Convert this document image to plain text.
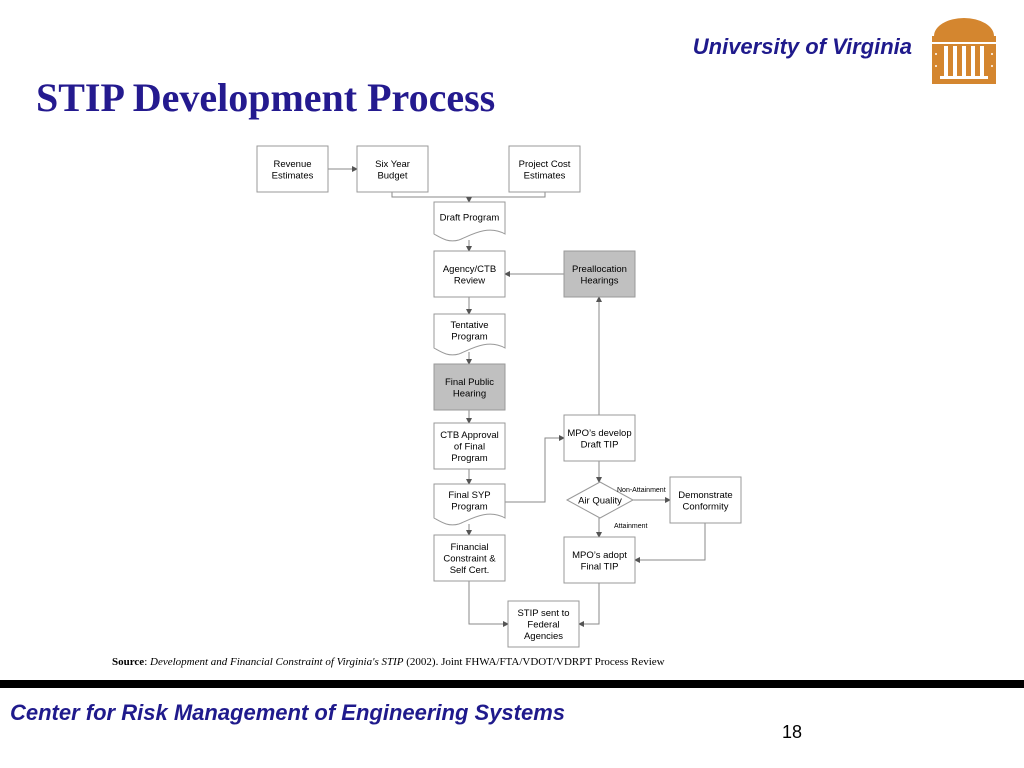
University of Virginia
STIP Development Process
Revenue
Estimates
Six Year
Budget
Project Cost
Estimates
Draft Program
Agency/CTB
Review
Preallocation
Hearings
Tentative
Program
Final Public
Hearing
CTB Approval
of Final
Program
MPO’s develop
Draft TIP
Air Quality
Demonstrate
Conformity
Final SYP
Program
Financial
Constraint &
Self Cert.
MPO’s adopt
Final TIP
STIP sent to
Federal
Agencies
Non-Attainment
Attainment
Source: Development and Financial Constraint of Virginia's STIP (2002). Joint FHWA/FTA/VDOT/VDRPT Process Review
Center for Risk Management of Engineering Systems
18
